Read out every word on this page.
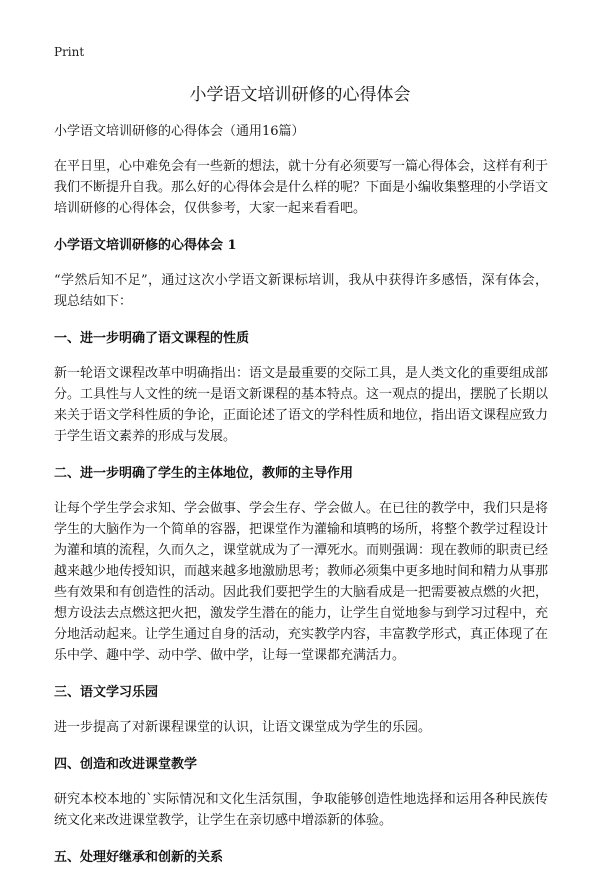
Print
小学语文培训研修的心得体会

小学语文培训研修的心得体会（通用16篇）

在平日里，心中难免会有一些新的想法，就十分有必须要写一篇心得体会，这样有利于我们不断提升自我。那么好的心得体会是什么样的呢？下面是小编收集整理的小学语文培训研修的心得体会，仅供参考，大家一起来看看吧。

小学语文培训研修的心得体会 1

“学然后知不足”，通过这次小学语文新课标培训，我从中获得许多感悟，深有体会，现总结如下：

一、进一步明确了语文课程的性质

新一轮语文课程改革中明确指出：语文是最重要的交际工具，是人类文化的重要组成部分。工具性与人文性的统一是语文新课程的基本特点。这一观点的提出，摆脱了长期以来关于语文学科性质的争论，正面论述了语文的学科性质和地位，指出语文课程应致力于学生语文素养的形成与发展。

二、进一步明确了学生的主体地位，教师的主导作用

让每个学生学会求知、学会做事、学会生存、学会做人。在已往的教学中，我们只是将学生的大脑作为一个简单的容器，把课堂作为灌输和填鸭的场所，将整个教学过程设计为灌和填的流程，久而久之，课堂就成为了一潭死水。而则强调：现在教师的职责已经越来越少地传授知识，而越来越多地激励思考；教师必须集中更多地时间和精力从事那些有效果和有创造性的活动。因此我们要把学生的大脑看成是一把需要被点燃的火把，想方设法去点燃这把火把，激发学生潜在的能力，让学生自觉地参与到学习过程中，充分地活动起来。让学生通过自身的活动，充实教学内容，丰富教学形式，真正体现了在乐中学、趣中学、动中学、做中学，让每一堂课都充满活力。

三、语文学习乐园

进一步提高了对新课程课堂的认识，让语文课堂成为学生的乐园。

四、创造和改进课堂教学

研究本校本地的`实际情况和文化生活氛围，争取能够创造性地选择和运用各种民族传统文化来改进课堂教学，让学生在亲切感中增添新的体验。

五、处理好继承和创新的关系
